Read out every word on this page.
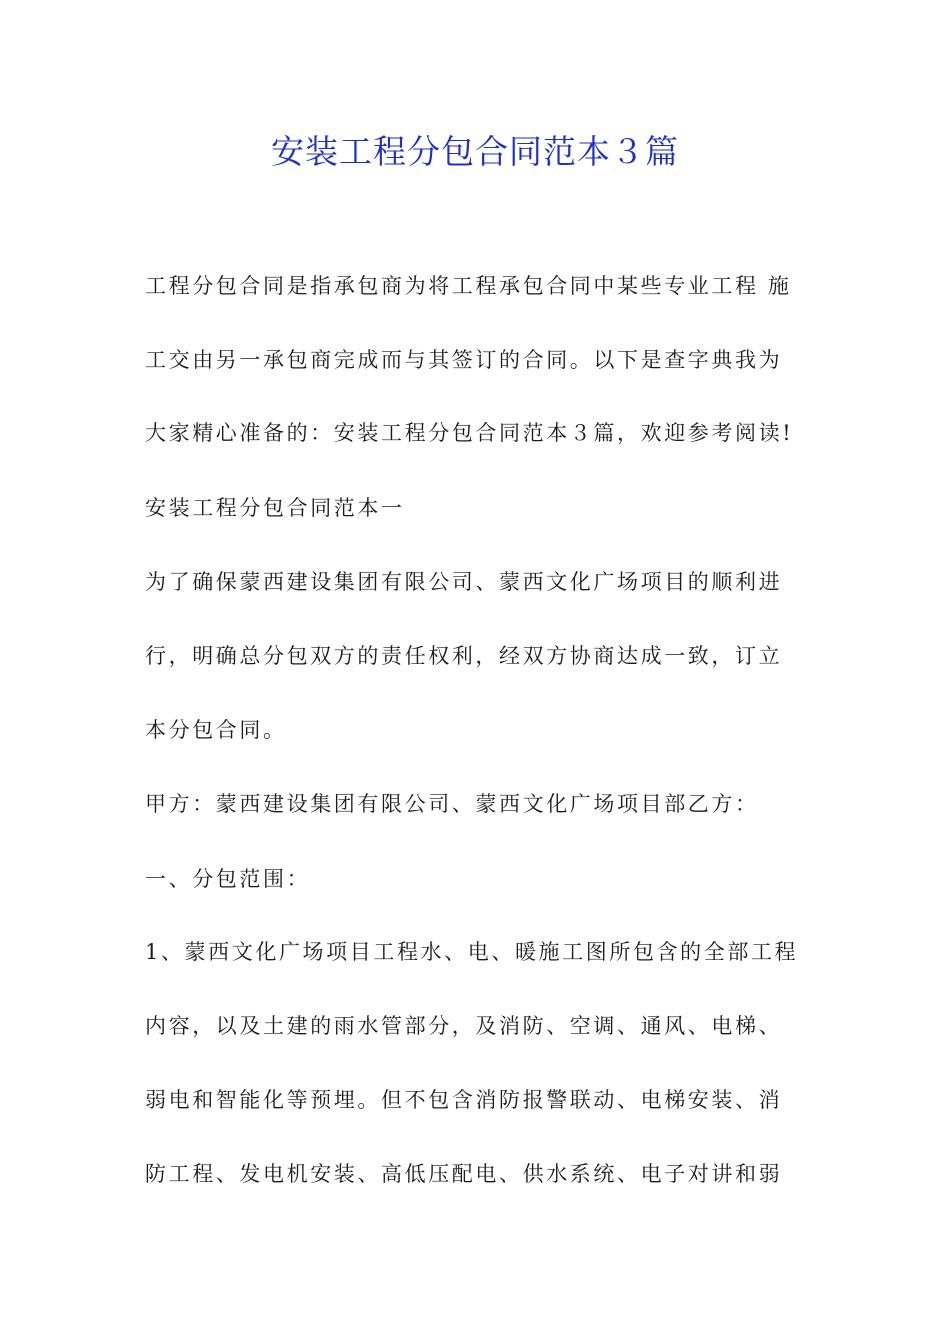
安装工程分包合同范本３篇
工程分包合同是指承包商为将工程承包合同中某些专业工程 施
工交由另一承包商完成而与其签订的合同。以下是查字典我为
大家精心准备的：安装工程分包合同范本３篇，欢迎参考阅读!
安装工程分包合同范本一
为了确保蒙西建设集团有限公司、蒙西文化广场项目的顺利进
行，明确总分包双方的责任权利，经双方协商达成一致，订立
本分包合同。
甲方：蒙西建设集团有限公司、蒙西文化广场项目部乙方：
一、分包范围：
1、蒙西文化广场项目工程水、电、暖施工图所包含的全部工程
内容，以及土建的雨水管部分，及消防、空调、通风、电梯、
弱电和智能化等预埋。但不包含消防报警联动、电梯安装、消
防工程、发电机安装、高低压配电、供水系统、电子对讲和弱
